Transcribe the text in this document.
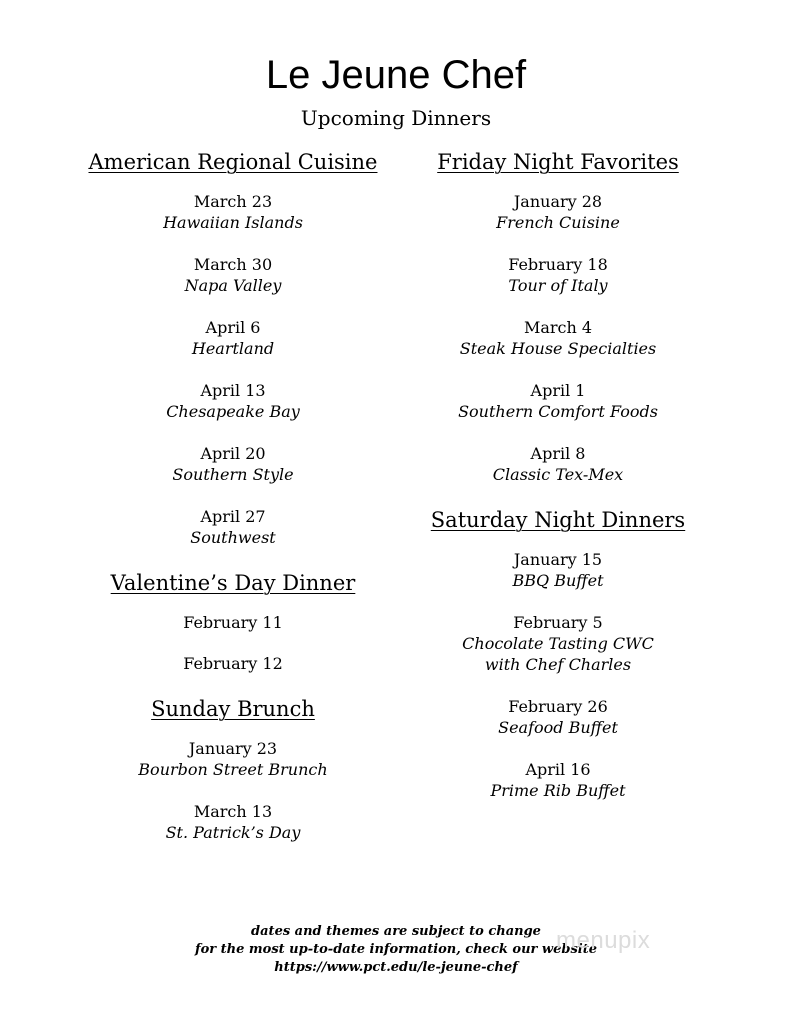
Le Jeune Chef
Upcoming Dinners
American Regional Cuisine
March 23
Hawaiian Islands
March 30
Napa Valley
April 6
Heartland
April 13
Chesapeake Bay
April 20
Southern Style
April 27
Southwest
Valentine’s Day Dinner
February 11
February 12
Sunday Brunch
January 23
Bourbon Street Brunch
March 13
St. Patrick’s Day
Friday Night Favorites
January 28
French Cuisine
February 18
Tour of Italy
March 4
Steak House Specialties
April 1
Southern Comfort Foods
April 8
Classic Tex-Mex
Saturday Night Dinners
January 15
BBQ Buffet
February 5
Chocolate Tasting CWC
with Chef Charles
February 26
Seafood Buffet
April 16
Prime Rib Buffet
dates and themes are subject to change
for the most up-to-date information, check our website
https://www.pct.edu/le-jeune-chef
menupix
